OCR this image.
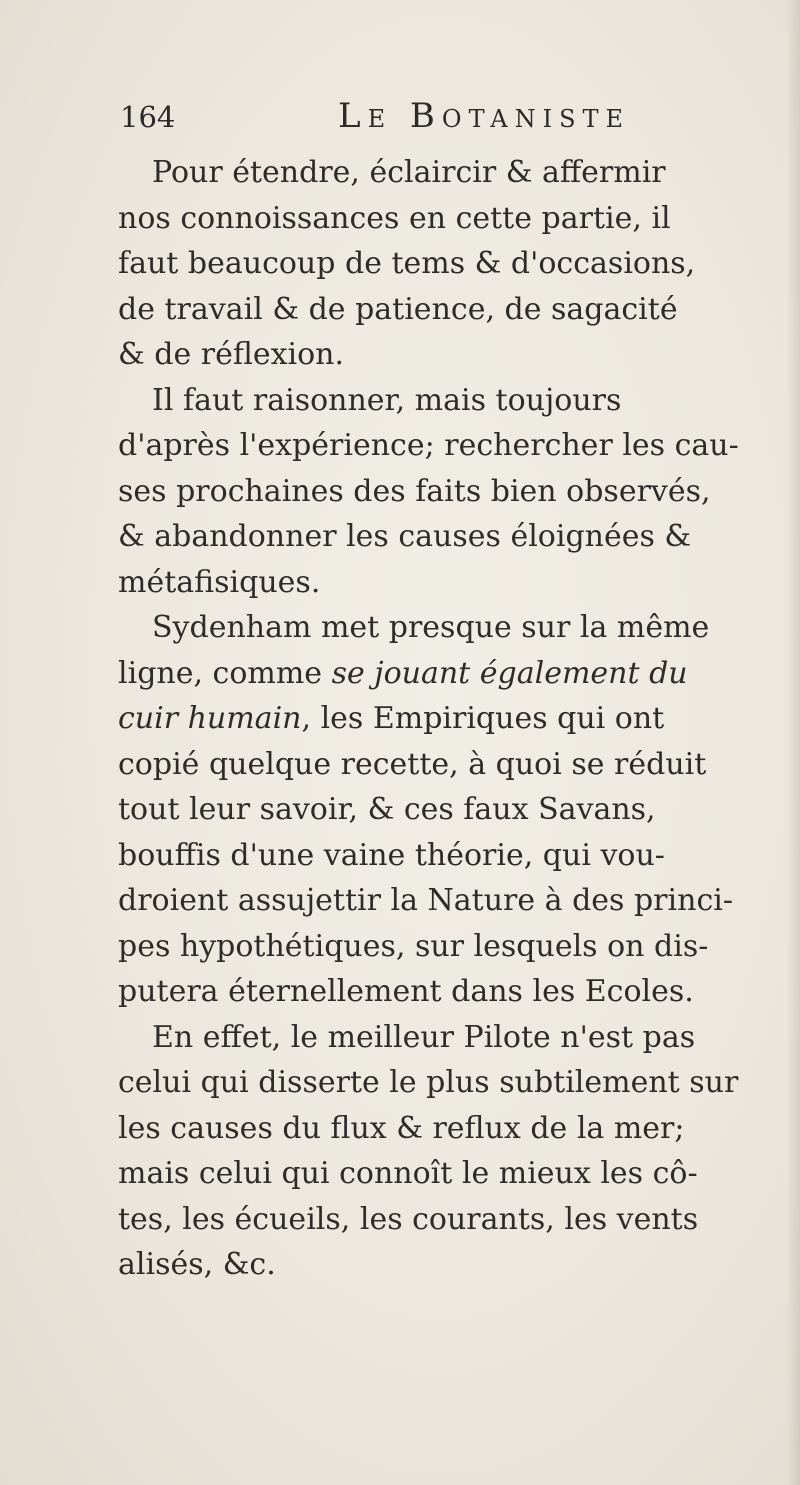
164	Le Botaniste
Pour étendre, éclaircir & affermir
nos connoissances en cette partie, il
faut beaucoup de tems & d'occasions,
de travail & de patience, de sagacité
& de réflexion.
Il faut raisonner, mais toujours
d'après l'expérience; rechercher les cau-
ses prochaines des faits bien observés,
& abandonner les causes éloignées &
métafisiques.
Sydenham met presque sur la même
ligne, comme se jouant également du
cuir humain, les Empiriques qui ont
copié quelque recette, à quoi se réduit
tout leur savoir, & ces faux Savans,
bouffis d'une vaine théorie, qui vou-
droient assujettir la Nature à des princi-
pes hypothétiques, sur lesquels on dis-
putera éternellement dans les Ecoles.
En effet, le meilleur Pilote n'est pas
celui qui disserte le plus subtilement sur
les causes du flux & reflux de la mer;
mais celui qui connoît le mieux les cô-
tes, les écueils, les courants, les vents
alisés, &c.
